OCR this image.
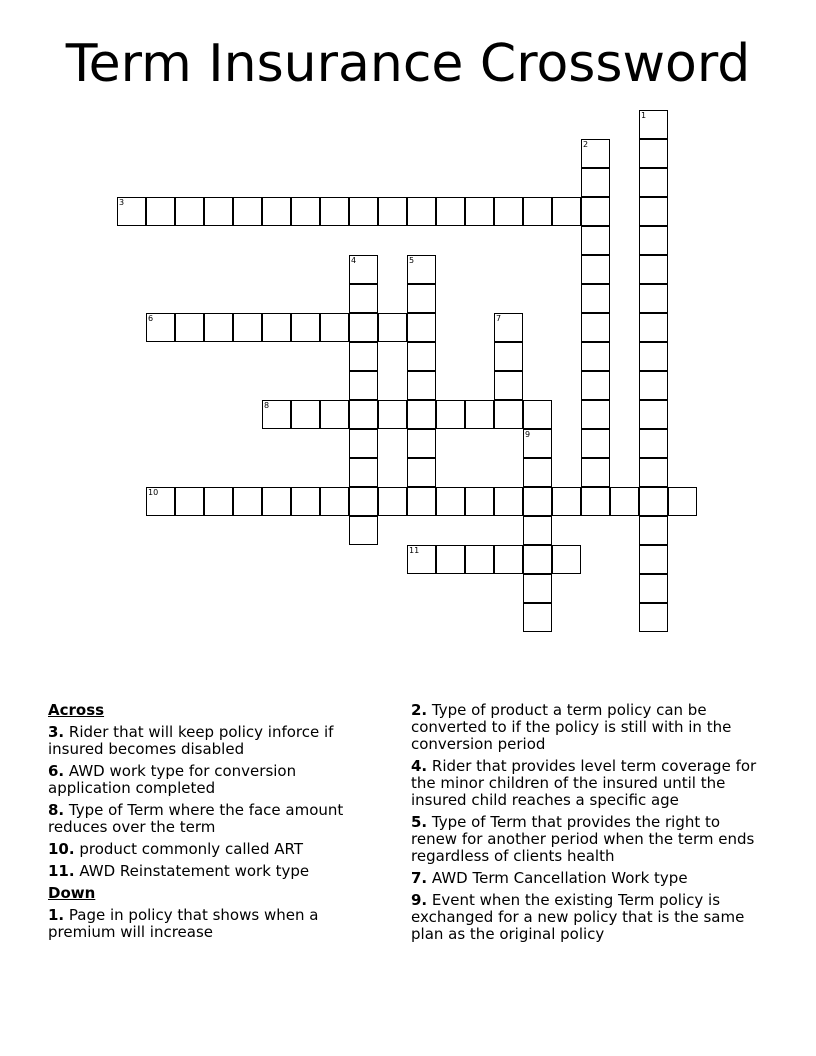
Term Insurance Crossword
1
2
3
4	5
6	7
8
9
10
11
Across
3. Rider that will keep policy inforce if insured becomes disabled
6. AWD work type for conversion application completed
8. Type of Term where the face amount reduces over the term
10. product commonly called ART
11. AWD Reinstatement work type
Down
1. Page in policy that shows when a premium will increase
2. Type of product a term policy can be converted to if the policy is still with in the conversion period
4. Rider that provides level term coverage for the minor children of the insured until the insured child reaches a specific age
5. Type of Term that provides the right to renew for another period when the term ends regardless of clients health
7. AWD Term Cancellation Work type
9. Event when the existing Term policy is exchanged for a new policy that is the same plan as the original policy
